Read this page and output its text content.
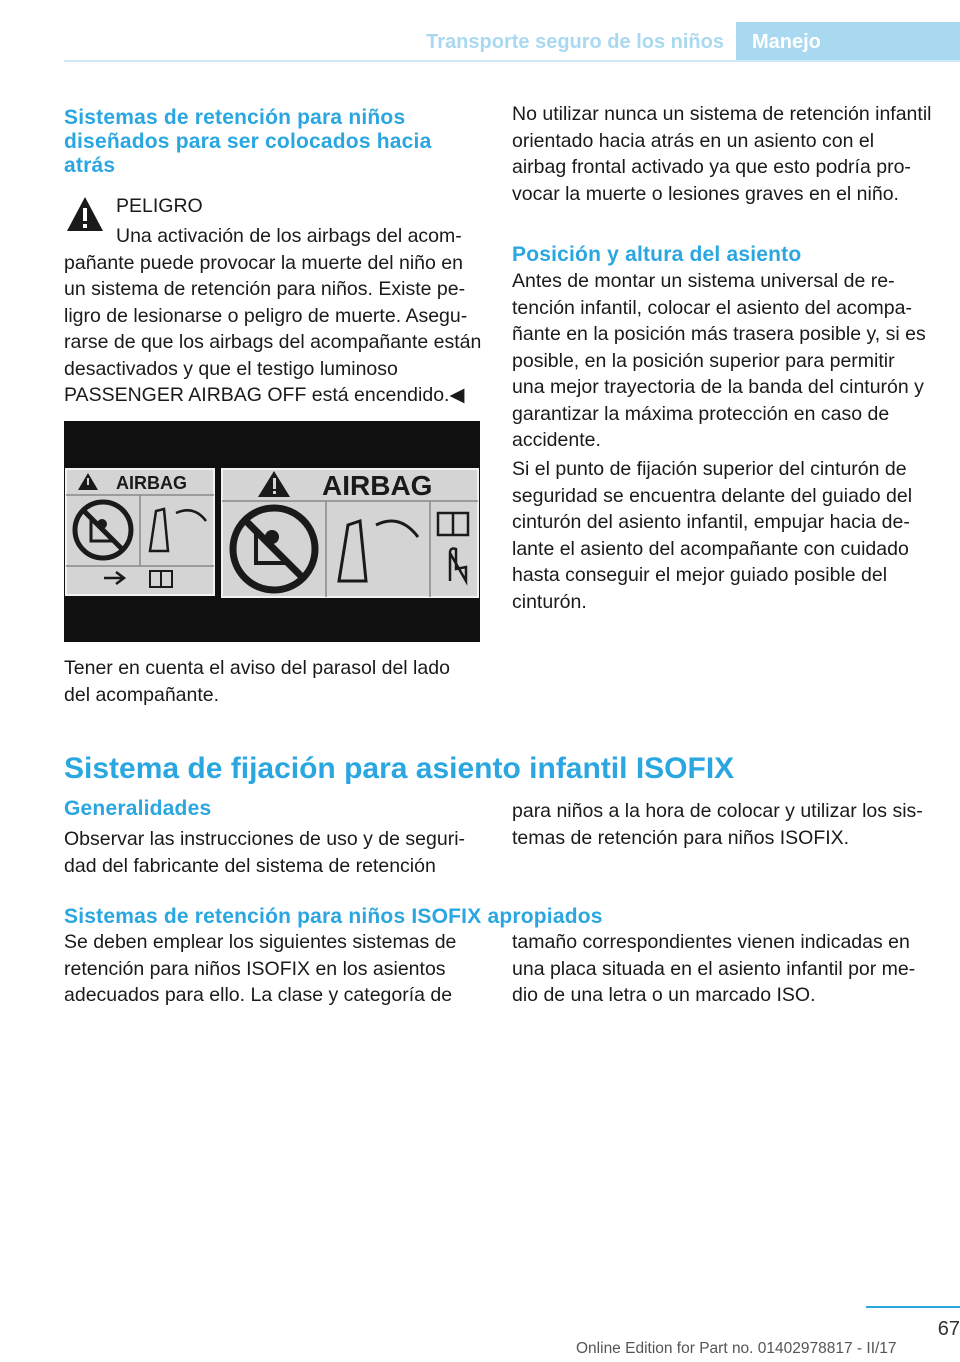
Transporte seguro de los niños	Manejo
Sistemas de retención para niños diseñados para ser colocados hacia atrás
PELIGRO

Una activación de los airbags del acompañante puede provocar la muerte del niño en un sistema de retención para niños. Existe peligro de lesionarse o peligro de muerte. Asegurarse de que los airbags del acompañante están desactivados y que el testigo luminoso PASSENGER AIRBAG OFF está encendido.◀

AIRBAG	AIRBAG

Tener en cuenta el aviso del parasol del lado del acompañante.

No utilizar nunca un sistema de retención infantil orientado hacia atrás en un asiento con el airbag frontal activado ya que esto podría provocar la muerte o lesiones graves en el niño.

Posición y altura del asiento

Antes de montar un sistema universal de retención infantil, colocar el asiento del acompañante en la posición más trasera posible y, si es posible, en la posición superior para permitir una mejor trayectoria de la banda del cinturón y garantizar la máxima protección en caso de accidente.

Si el punto de fijación superior del cinturón de seguridad se encuentra delante del guiado del cinturón del asiento infantil, empujar hacia delante el asiento del acompañante con cuidado hasta conseguir el mejor guiado posible del cinturón.

Sistema de fijación para asiento infantil ISOFIX
Generalidades

Observar las instrucciones de uso y de seguridad del fabricante del sistema de retención

para niños a la hora de colocar y utilizar los sistemas de retención para niños ISOFIX.

Sistemas de retención para niños ISOFIX apropiados

Se deben emplear los siguientes sistemas de retención para niños ISOFIX en los asientos adecuados para ello. La clase y categoría de

tamaño correspondientes vienen indicadas en una placa situada en el asiento infantil por medio de una letra o un marcado ISO.

67
Online Edition for Part no. 01402978817 - II/17
